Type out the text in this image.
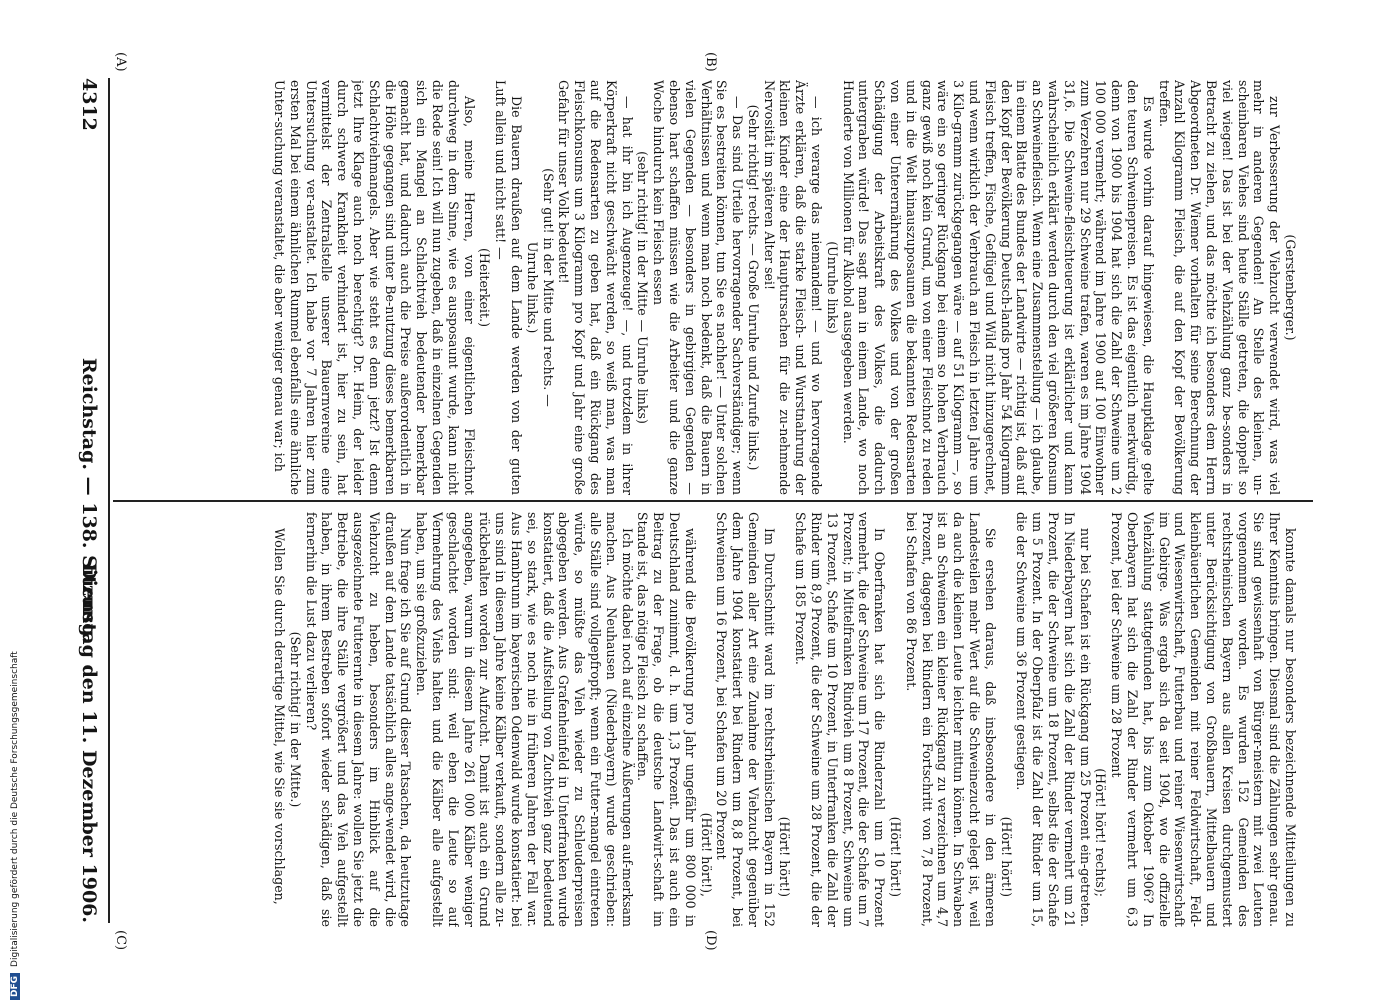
4312
Reichstag. — 138. Sitzung.
Dienstag den 11. Dezember 1906.
(A)	(B)
(C)	(D)

(Gerstenberger.)

zur Verbesserung der Viehzucht verwendet wird, was viel mehr in anderen Gegenden! An Stelle des kleinen, un-scheinbaren Viehes sind heute Ställe getreten, die doppelt so viel wiegen! Das ist bei der Viehzählung ganz be-sonders in Betracht zu ziehen, und das möchte ich besonders dem Herrn Abgeordneten Dr. Wiemer vorhalten für seine Berechnung der Anzahl Kilogramm Fleisch, die auf den Kopf der Bevölkerung treffen.

Es wurde vorhin darauf hingewiesen, die Hauptklage gelte den teuren Schweinepreisen. Es ist das eigentlich merkwürdig, denn von 1900 bis 1904 hat sich die Zahl der Schweine um 2 100 000 vermehrt; während im Jahre 1900 auf 100 Einwohner zum Verzehren nur 29 Schweine trafen, waren es im Jahre 1904 31,6. Die Schweine-fleischteuerung ist erklärlicher und kann wahrscheinlich erklärt werden durch den viel größeren Konsum an Schweinefleisch. Wenn eine Zusammenstellung — ich glaube, in einem Blatte des Bundes der Landwirte — richtig ist, daß auf den Kopf der Bevölkerung Deutsch-lands pro Jahr 54 Kilogramm Fleisch treffen, Fische, Geflügel und Wild nicht hinzugerechnet, und wenn wirklich der Verbrauch an Fleisch in letzten Jahre um 3 Kilo-gramm zurückgegangen wäre — auf 51 Kilogramm —, so wäre ein so geringer Rückgang bei einem so hohen Verbrauch ganz gewiß noch kein Grund, um von einer Fleischnot zu reden und in die Welt hinauszuposaunen die bekannten Redensarten von einer Unterernährung des Volkes und von der großen Schädigung der Arbeitskraft des Volkes, die dadurch untergraben würde! Das sagt man in einem Lande, wo noch Hunderte von Millionen für Alkohol ausgegeben werden.

(Unruhe links)

— ich verarge das niemandem! — und wo hervorragende Ärzte erklären, daß die starke Fleisch- und Wurstnahrung der kleinen Kinder eine der Hauptursachen für die zu-nehmende Nervosität im späteren Alter sei!

(Sehr richtig! rechts. — Große Unruhe und Zurufe links.)

— Das sind Urteile hervorragender Sachverständiger; wenn Sie es bestreiten können, tun Sie es nachher! — Unter solchen Verhältnissen und wenn man noch bedenkt, daß die Bauern in vielen Gegenden — besonders in gebirgigen Gegenden — ebenso hart schaffen müssen wie die Arbeiter und die ganze Woche hindurch kein Fleisch essen

(sehr richtig! in der Mitte — Unruhe links)

— hat ihr bin ich Augenzeuge! —, und trotzdem in ihrer Körperkraft nicht geschwächt werden, so weiß man, was man auf die Redensarten zu geben hat, daß ein Rückgang des Fleischkonsums um 3 Kilogramm pro Kopf und Jahr eine große Gefahr für unser Volk bedeutet!

(Sehr gut! in der Mitte und rechts. —

Unruhe links.)

Die Bauern draußen auf dem Lande werden von der guten Luft allein und nicht satt! —

(Heiterkeit.)

Also, meine Herren, von einer eigentlichen Fleischnot durchweg in dem Sinne, wie es ausposaunt wurde, kann nicht die Rede sein! Ich will nun zugeben, daß in einzelnen Gegenden sich ein Mangel an Schlachtvieh bedeutender bemerkbar gemacht hat, und dadurch auch die Preise außerordentlich in die Höhe gegangen sind unter Be-nutzung dieses bemerkbaren Schlachtviehmangels. Aber wie steht es denn jetzt? Ist denn jetzt Ihre Klage auch noch berechtigt? Dr. Heim, der leider durch schwere Krankheit verhindert ist, hier zu sein, hat vermittelst der Zentralstelle unserer Bauernvereine eine Untersuchung ver-anstaltet. Ich habe vor 7 Jahren hier zum ersten Mal bei einem ähnlichen Rummel ebenfalls eine ähnliche Unter-suchung veranstaltet, die aber weniger genau war; ich

konnte damals nur besonders bezeichnende Mitteilungen zu Ihrer Kenntnis bringen. Diesmal sind die Zählungen sehr genau. Sie sind gewissenhaft von Bürger-meistern mit zwei Leuten vorgenommen worden. Es wurden 152 Gemeinden des rechtsrheinischen Bayern aus allen Kreisen durchgemustert unter Berücksichtigung von Großbauern, Mittelbauern und kleinbäuerlichen Gemeinden mit reiner Feldwirtschaft, Feld- und Wiesenwirtschaft, Futterbau und reiner Wiesenwirtschaft im Gebirge. Was ergab sich da seit 1904, wo die offizielle Viehzählung stattgefunden hat, bis zum Oktober 1906? In Oberbayern hat sich die Zahl der Rinder vermehrt um 6,3 Prozent, bei der Schweine um 28 Prozent

(Hört! hört! rechts);

nur bei Schafen ist ein Rückgang um 25 Prozent ein-getreten. In Niederbayern hat sich die Zahl der Rinder vermehrt um 21 Prozent, die der Schweine um 18 Prozent, selbst die der Schafe um 5 Prozent. In der Oberpfalz ist die Zahl der Rinder um 15, die der Schweine um 36 Prozent gestiegen.

(Hört! hört!)

Sie ersehen daraus, daß insbesondere in den ärmeren Landesteilen mehr Wert auf die Schweinezucht gelegt ist, weil da auch die kleinen Leute leichter mittun können. In Schwaben ist an Schweinen ein kleiner Rückgang zu verzeichnen um 4,7 Prozent, dagegen bei Rindern ein Fortschritt von 7,8 Prozent, bei Schafen von 86 Prozent.

(Hört! hört!)

In Oberfranken hat sich die Rinderzahl um 10 Prozent vermehrt, die der Schweine um 17 Prozent, die der Schafe um 7 Prozent; in Mittelfranken Rindvieh um 8 Prozent, Schweine um 13 Prozent, Schafe um 10 Prozent, in Unterfranken die Zahl der Rinder um 8,9 Prozent, die der Schweine um 28 Prozent, die der Schafe um 185 Prozent.

(Hört! hört!)

Im Durchschnitt ward im rechtsrheinischen Bayern in 152 Gemeinden aller Art eine Zunahme der Viehzucht gegenüber dem Jahre 1904 konstatiert bei Rindern um 8,8 Prozent, bei Schweinen um 16 Prozent, bei Schafen um 20 Prozent

(Hört! hört!),

während die Bevölkerung pro Jahr ungefähr um 800 000 in Deutschland zunimmt, d. h. um 1,3 Prozent. Das ist auch ein Beitrag zu der Frage, ob die deutsche Landwirt-schaft im Stande ist, das nötige Fleisch zu schaffen.

Ich möchte dabei noch auf einzelne Äußerungen auf-merksam machen. Aus Neuhausen (Niederbayern) wurde geschrieben: alle Ställe sind vollgepfropft; wenn ein Futter-mangel eintreten würde, so müßte das Vieh wieder zu Schleuderpreisen abgegeben werden. Aus Grafenheinfeld in Unterfranken wurde konstatiert, daß die Aufstellung von Zuchtvieh ganz bedeutend sei, so stark, wie es noch nie in früheren Jahren der Fall war. Aus Hambrunn im bayerischen Odenwald wurde konstatiert: bei uns sind in diesem Jahre keine Kälber verkauft, sondern alle zu-rückbehalten worden zur Aufzucht. Damit ist auch ein Grund angegeben, warum in diesem Jahre 261 000 Kälber weniger geschlachtet worden sind: weil eben die Leute so auf Vermehrung des Viehs halten und die Kälber alle aufgestellt haben, um sie großzuziehen.

Nun frage ich Sie auf Grund dieser Tatsachen, da heutzutage draußen auf dem Lande tatsächlich alles ange-wendet wird, die Viehzucht zu heben, besonders im Hinblick auf die ausgezeichnete Futterernte in diesem Jahre: wollen Sie jetzt die Betriebe, die ihre Ställe vergrößert und das Vieh aufgestellt haben, in ihrem Bestreben sofort wieder schädigen, daß sie fernerhin die Lust dazu verlieren?

(Sehr richtig! in der Mitte.)

Wollen Sie durch derartige Mittel, wie Sie sie vorschlagen,

DFGDigitalisierung gefördert durch die Deutsche Forschungsgemeinschaft
